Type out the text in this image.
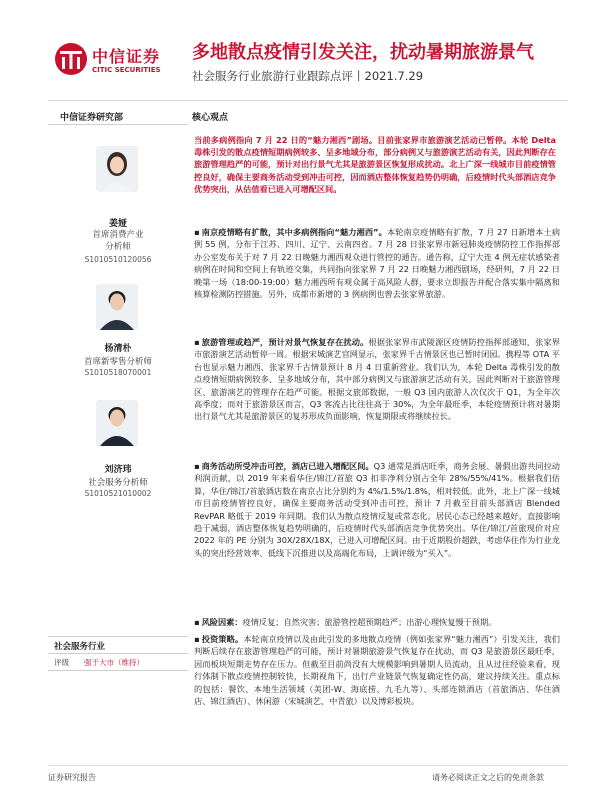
中信证券
CITIC SECURITIES
多地散点疫情引发关注，扰动暑期旅游景气
社会服务行业旅游行业跟踪点评丨2021.7.29
中信证券研究部
姜娅
首席消费产业
分析师
S1010510120056
杨清朴
首席新零售分析师
S1010518070001
刘济玮
社会服务分析师
S1010521010002
社会服务行业
评级 强于大市（维持）
核心观点
当前多病例指向 7 月 22 日的“魅力湘西”剧场。目前张家界市旅游演艺活动已暂停。本轮 Delta 毒株引发的散点疫情短期病例较多、呈多地域分布，部分病例又与旅游演艺活动有关，因此判断存在旅游管理趋严的可能，预计对出行景气尤其是旅游景区恢复形成扰动。北上广深一线城市目前疫情管控良好，确保主要商务活动受到冲击可控，因而酒店整体恢复趋势仍明确，后疫情时代头部酒店竞争优势突出，从估值看已进入可增配区间。
▪ 南京疫情略有扩散，其中多病例指向“魅力湘西”。本轮南京疫情略有扩散，7 月 27 日新增本土病例 55 例，分布于江苏、四川、辽宁、云南四省。7 月 28 日张家界市新冠肺炎疫情防控工作指挥部办公室发布关于对 7 月 22 日晚魅力湘西观众进行管控的通告。通告称，辽宁大连 4 例无症状感染者病例在时间和空间上有轨迹交集，共同指向张家界 7 月 22 日晚魅力湘西剧场，经研判，7 月 22 日晚第一场（18:00-19:00）魅力湘西所有观众属于高风险人群，要求立即报告并配合落实集中隔离和核算检测防控措施。另外，成都市新增的 3 例病例也曾去张家界旅游。
▪ 旅游管理或趋严，预计对景气恢复存在扰动。根据张家界市武陵源区疫情防控指挥部通知，张家界市旅游演艺活动暂停一周。根据宋城演艺官网显示，张家界千古情景区也已暂时闭园。携程等 OTA 平台也显示魅力湘西、张家界千古情景预计 8 月 4 日重新营业。我们认为，本轮 Delta 毒株引发的散点疫情短期病例较多、呈多地域分布，其中部分病例又与旅游演艺活动有关，因此判断对于旅游管理区、旅游演艺的管理存在趋严可能。根据文旅部数据，一般 Q3 国内旅游人次仅次于 Q1，为全年次高季度；而对于旅游景区而言，Q3 客流占比往往高于 30%，为全年最旺季，本轮疫情预计将对暑期出行景气尤其是旅游景区的复苏形成负面影响，恢复期限或将继续拉长。
▪ 商务活动所受冲击可控，酒店已进入增配区间。Q3 通常是酒店旺季，商务会展、暑假出游共同拉动利润贡献，以 2019 年来看华住/锦江/首旅 Q3 扣非净利分别占全年 28%/55%/41%。根据我们估算，华住/锦江/首旅酒店数在南京占比分别约为 4%/1.5%/1.8%，相对较低。此外，北上广深一线城市目前疫情管控良好，确保主要商务活动受到冲击可控，预计 7 月截至目前头部酒店 Blended RevPAR 略低于 2019 年同期。我们认为散点疫情反复或常态化，居民心态已经越来越好，直接影响趋于减弱，酒店整体恢复趋势明确的，后疫情时代头部酒店竞争优势突出。华住/锦江/首旅现价对应 2022 年的 PE 分别为 30X/28X/18X，已进入可增配区间。由于近期股价超跌，考虑华住作为行业龙头的突出经营效率、低线下沉推进以及高端化布局，上调评级为“买入”。
▪ 风险因素：疫情反复；自然灾害；旅游管控超预期趋严；出游心理恢复慢于预期。
▪ 投资策略。本轮南京疫情以及由此引发的多地散点疫情（例如张家界“魅力湘西”）引发关注，我们判断后续存在旅游管理趋严的可能，预计对暑期旅游景气恢复存在扰动，而 Q3 是旅游景区最旺季，因而板块短期走势存在压力。但截至目前尚没有大规模影响到暑期人员流动，且从过往经验来看，现行体制下散点疫情控制较快，长期视角下，出行产业链景气恢复确定性仍高，建议持续关注。重点标的包括：餐饮、本地生活领域（美团-W、海底捞、九毛九等）、头部连锁酒店（首旅酒店、华住酒店、锦江酒店）、休闲游（宋城演艺、中青旅）以及博彩板块。
证券研究报告	请务必阅读正文之后的免责条款
